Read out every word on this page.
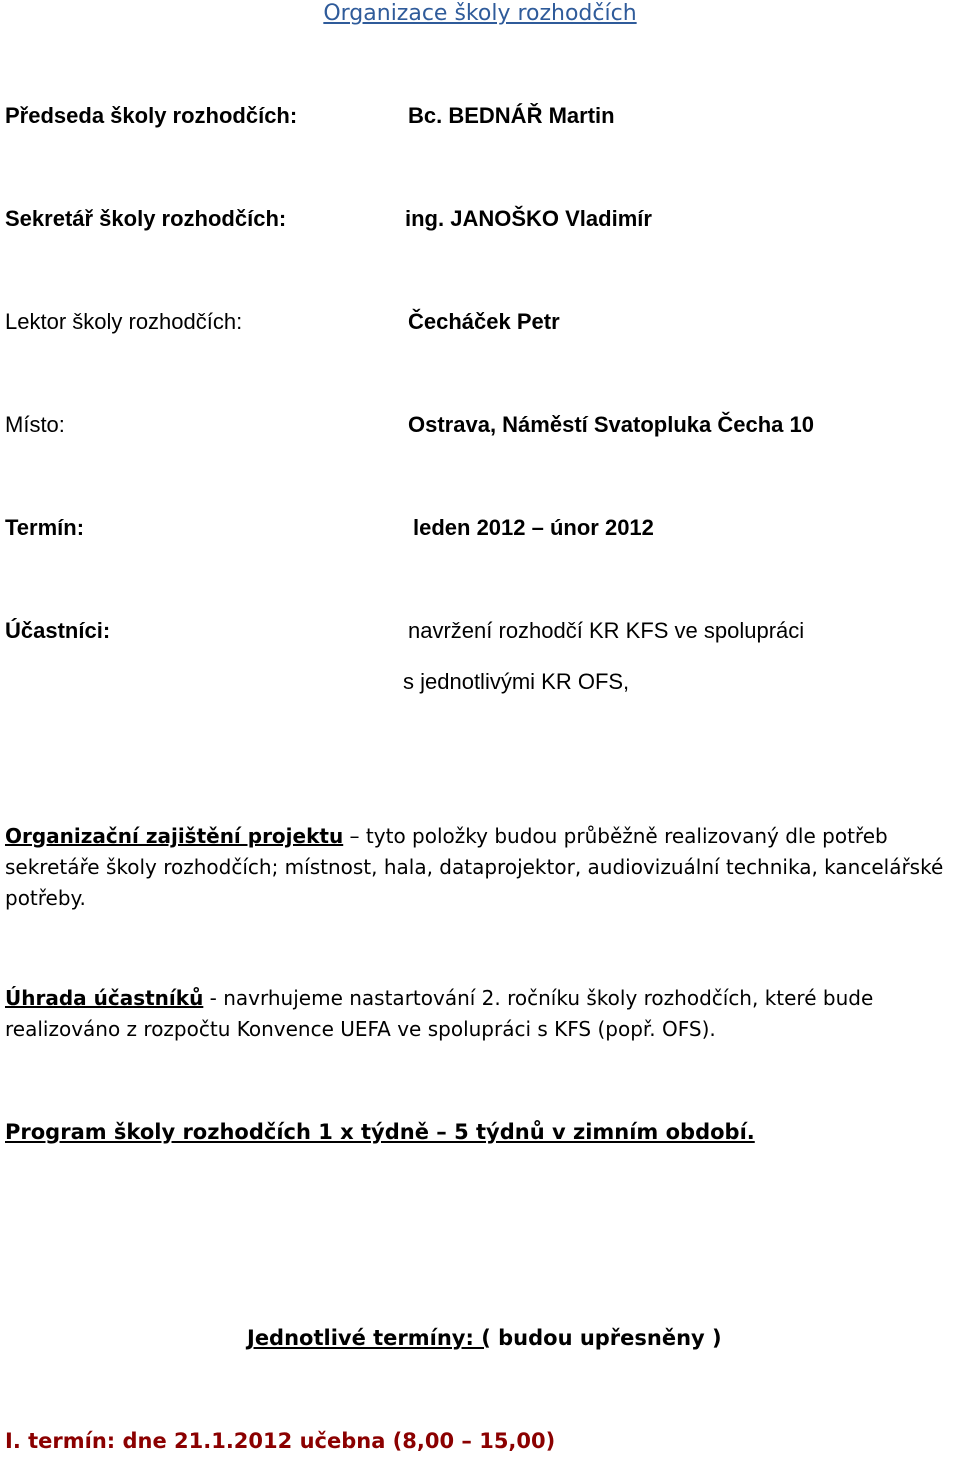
Organizace školy rozhodčích
Předseda školy rozhodčích:	Bc. BEDNÁŘ Martin
Sekretář školy rozhodčích:	ing. JANOŠKO Vladimír
Lektor školy rozhodčích:	Čecháček Petr
Místo:	Ostrava, Náměstí Svatopluka Čecha 10
Termín:	leden 2012 – únor 2012
Účastníci:	navržení rozhodčí KR KFS ve spolupráci
s jednotlivými KR OFS,

Organizační zajištění projektu – tyto položky budou průběžně realizovaný dle potřeb sekretáře školy rozhodčích; místnost, hala, dataprojektor, audiovizuální technika, kancelářské potřeby.

Úhrada účastníků - navrhujeme nastartování 2. ročníku školy rozhodčích, které bude realizováno z rozpočtu Konvence UEFA ve spolupráci s KFS (popř. OFS).

Program školy rozhodčích 1 x týdně – 5 týdnů v zimním období.

Jednotlivé termíny: ( budou upřesněny )

I. termín: dne 21.1.2012 učebna (8,00 – 15,00)
